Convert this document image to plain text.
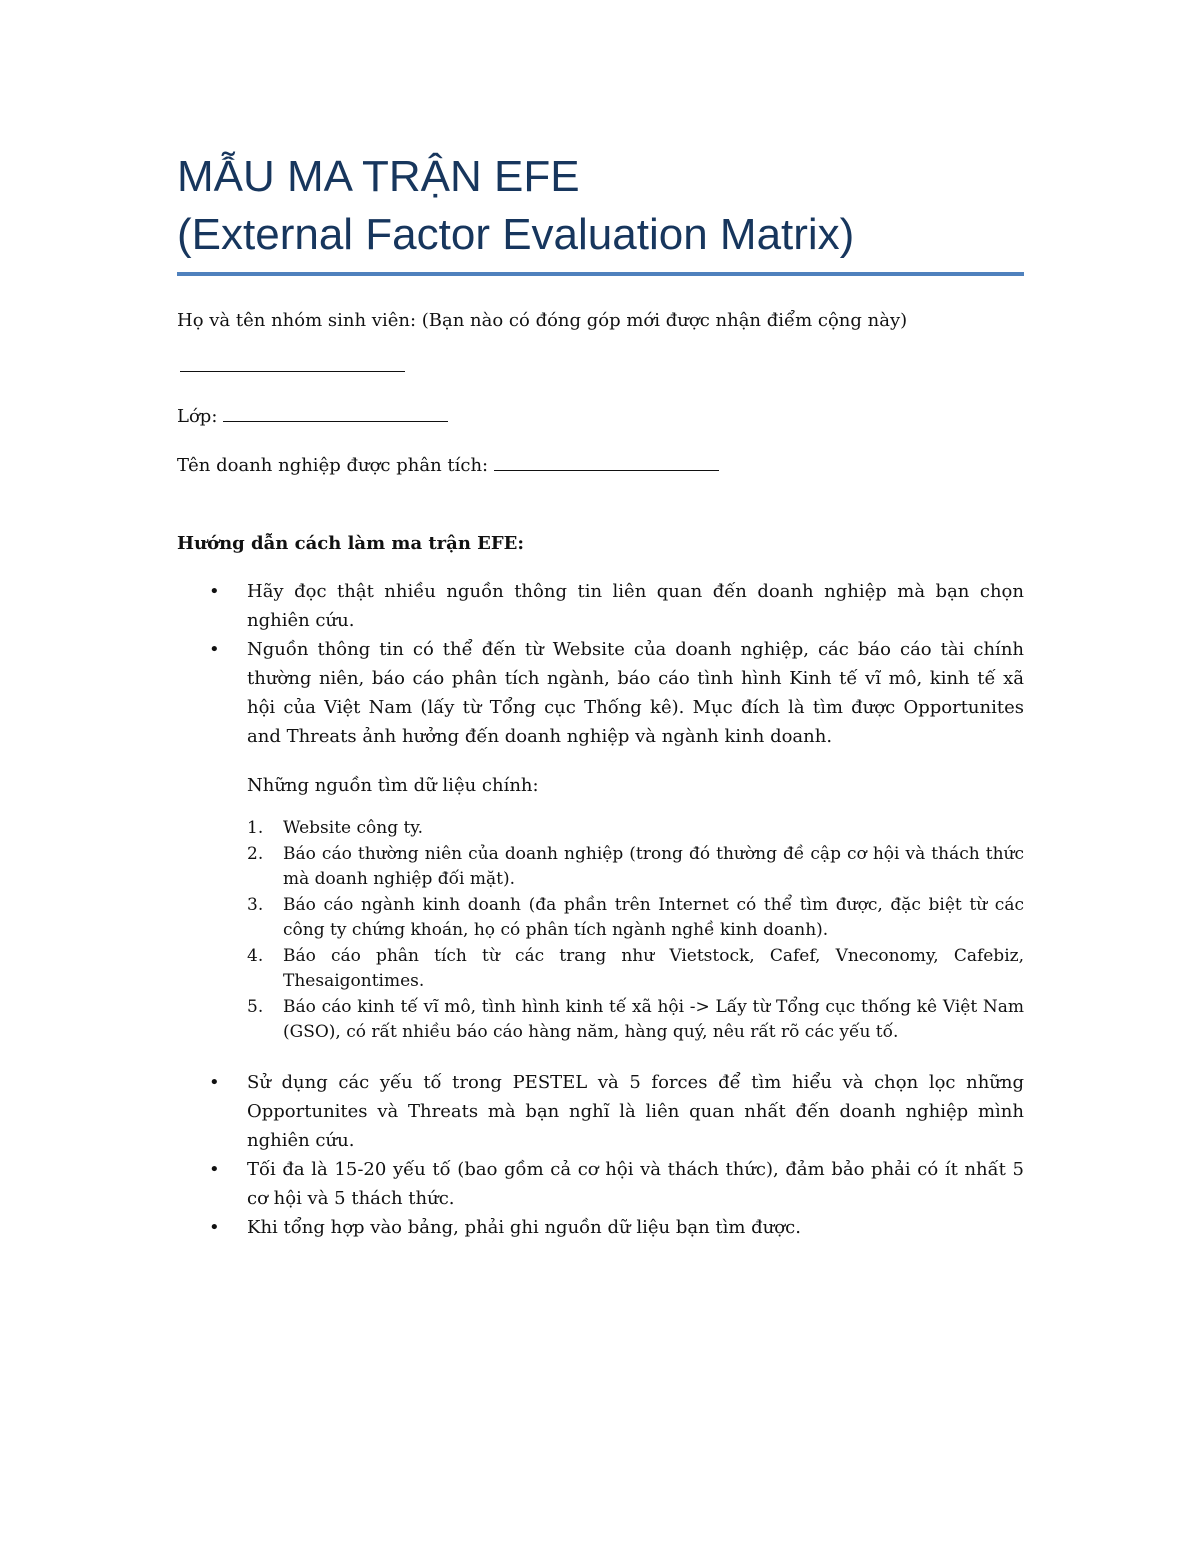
MẪU MA TRẬN EFE
(External Factor Evaluation Matrix)
Họ và tên nhóm sinh viên: (Bạn nào có đóng góp mới được nhận điểm cộng này)
Lớp:
Tên doanh nghiệp được phân tích:
Hướng dẫn cách làm ma trận EFE:
• Hãy đọc thật nhiều nguồn thông tin liên quan đến doanh nghiệp mà bạn chọn nghiên cứu.
• Nguồn thông tin có thể đến từ Website của doanh nghiệp, các báo cáo tài chính thường niên, báo cáo phân tích ngành, báo cáo tình hình Kinh tế vĩ mô, kinh tế xã hội của Việt Nam (lấy từ Tổng cục Thống kê). Mục đích là tìm được Opportunites and Threats ảnh hưởng đến doanh nghiệp và ngành kinh doanh.
Những nguồn tìm dữ liệu chính:
1. Website công ty.
2. Báo cáo thường niên của doanh nghiệp (trong đó thường đề cập cơ hội và thách thức mà doanh nghiệp đối mặt).
3. Báo cáo ngành kinh doanh (đa phần trên Internet có thể tìm được, đặc biệt từ các công ty chứng khoán, họ có phân tích ngành nghề kinh doanh).
4. Báo cáo phân tích từ các trang như Vietstock, Cafef, Vneconomy, Cafebiz, Thesaigontimes.
5. Báo cáo kinh tế vĩ mô, tình hình kinh tế xã hội -> Lấy từ Tổng cục thống kê Việt Nam (GSO), có rất nhiều báo cáo hàng năm, hàng quý, nêu rất rõ các yếu tố.
• Sử dụng các yếu tố trong PESTEL và 5 forces để tìm hiểu và chọn lọc những Opportunites và Threats mà bạn nghĩ là liên quan nhất đến doanh nghiệp mình nghiên cứu.
• Tối đa là 15-20 yếu tố (bao gồm cả cơ hội và thách thức), đảm bảo phải có ít nhất 5 cơ hội và 5 thách thức.
• Khi tổng hợp vào bảng, phải ghi nguồn dữ liệu bạn tìm được.
